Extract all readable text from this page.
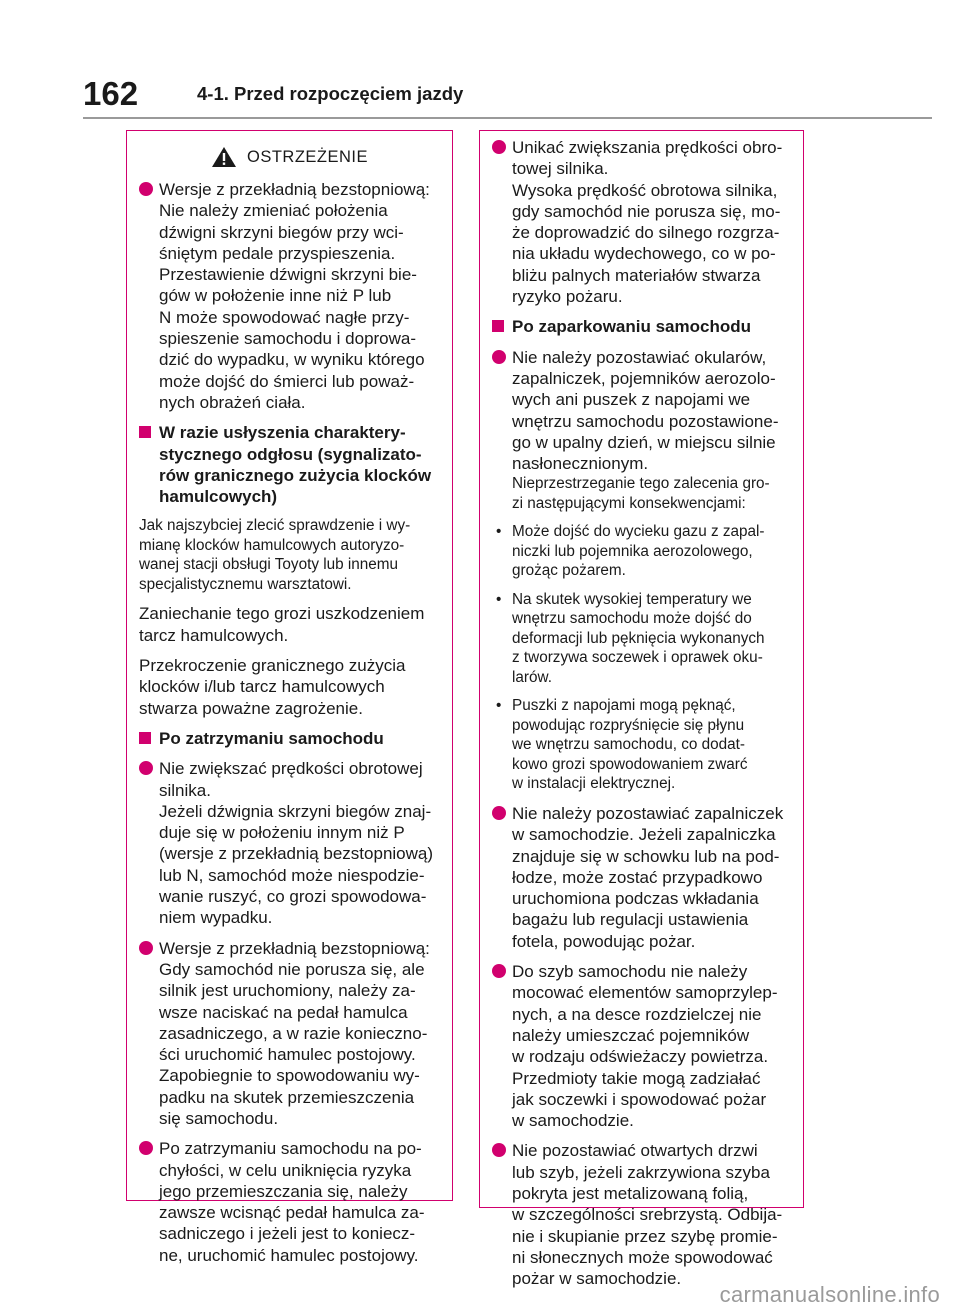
162	4-1. Przed rozpoczęciem jazdy
OSTRZEŻENIE
Wersje z przekładnią bezstopniową:
Nie należy zmieniać położenia
dźwigni skrzyni biegów przy wci-
śniętym pedale przyspieszenia.
Przestawienie dźwigni skrzyni bie-
gów w położenie inne niż P lub
N może spowodować nagłe przy-
spieszenie samochodu i doprowa-
dzić do wypadku, w wyniku którego
może dojść do śmierci lub poważ-
nych obrażeń ciała.
W razie usłyszenia charaktery-
stycznego odgłosu (sygnalizato-
rów granicznego zużycia klocków
hamulcowych)
Jak najszybciej zlecić sprawdzenie i wy-
mianę klocków hamulcowych autoryzo-
wanej stacji obsługi Toyoty lub innemu
specjalistycznemu warsztatowi.
Zaniechanie tego grozi uszkodzeniem
tarcz hamulcowych.
Przekroczenie granicznego zużycia
klocków i/lub tarcz hamulcowych
stwarza poważne zagrożenie.
Po zatrzymaniu samochodu
Nie zwiększać prędkości obrotowej
silnika.
Jeżeli dźwignia skrzyni biegów znaj-
duje się w położeniu innym niż P
(wersje z przekładnią bezstopniową)
lub N, samochód może niespodzie-
wanie ruszyć, co grozi spowodowa-
niem wypadku.
Wersje z przekładnią bezstopniową:
Gdy samochód nie porusza się, ale
silnik jest uruchomiony, należy za-
wsze naciskać na pedał hamulca
zasadniczego, a w razie konieczno-
ści uruchomić hamulec postojowy.
Zapobiegnie to spowodowaniu wy-
padku na skutek przemieszczenia
się samochodu.
Po zatrzymaniu samochodu na po-
chyłości, w celu uniknięcia ryzyka
jego przemieszczania się, należy
zawsze wcisnąć pedał hamulca za-
sadniczego i jeżeli jest to koniecz-
ne, uruchomić hamulec postojowy.
Unikać zwiększania prędkości obro-
towej silnika.
Wysoka prędkość obrotowa silnika,
gdy samochód nie porusza się, mo-
że doprowadzić do silnego rozgrza-
nia układu wydechowego, co w po-
bliżu palnych materiałów stwarza
ryzyko pożaru.
Po zaparkowaniu samochodu
Nie należy pozostawiać okularów,
zapalniczek, pojemników aerozolo-
wych ani puszek z napojami we
wnętrzu samochodu pozostawione-
go w upalny dzień, w miejscu silnie
nasłonecznionym.
Nieprzestrzeganie tego zalecenia gro-
zi następującymi konsekwencjami:
• Może dojść do wycieku gazu z zapal-
niczki lub pojemnika aerozolowego,
grożąc pożarem.
• Na skutek wysokiej temperatury we
wnętrzu samochodu może dojść do
deformacji lub pęknięcia wykonanych
z tworzywa soczewek i oprawek oku-
larów.
• Puszki z napojami mogą pęknąć,
powodując rozpryśnięcie się płynu
we wnętrzu samochodu, co dodat-
kowo grozi spowodowaniem zwarć
w instalacji elektrycznej.
Nie należy pozostawiać zapalniczek
w samochodzie. Jeżeli zapalniczka
znajduje się w schowku lub na pod-
łodze, może zostać przypadkowo
uruchomiona podczas wkładania
bagażu lub regulacji ustawienia
fotela, powodując pożar.
Do szyb samochodu nie należy
mocować elementów samoprzylep-
nych, a na desce rozdzielczej nie
należy umieszczać pojemników
w rodzaju odświeżaczy powietrza.
Przedmioty takie mogą zadziałać
jak soczewki i spowodować pożar
w samochodzie.
Nie pozostawiać otwartych drzwi
lub szyb, jeżeli zakrzywiona szyba
pokryta jest metalizowaną folią,
w szczególności srebrzystą. Odbija-
nie i skupianie przez szybę promie-
ni słonecznych może spowodować
pożar w samochodzie.
carmanualsonline.info
